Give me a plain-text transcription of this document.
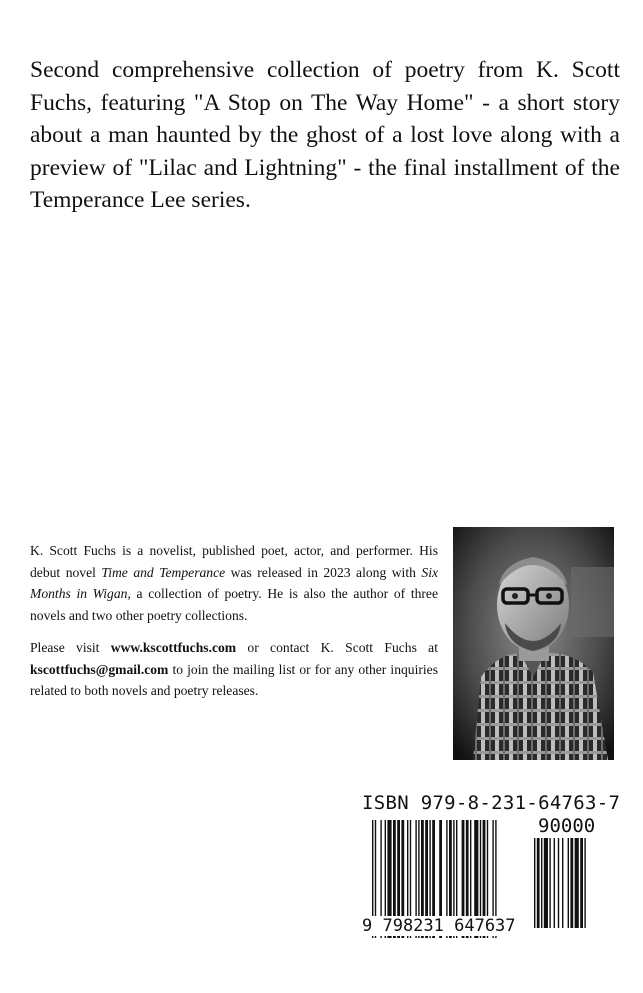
Second comprehensive collection of poetry from K. Scott Fuchs, featuring "A Stop on The Way Home" - a short story about a man haunted by the ghost of a lost love along with a preview of "Lilac and Lightning" - the final installment of the Temperance Lee series.

K. Scott Fuchs is a novelist, published poet, actor, and performer. His debut novel Time and Temperance was released in 2023 along with Six Months in Wigan, a collection of poetry. He is also the author of three novels and two other poetry collections.

Please visit www.kscottfuchs.com or contact K. Scott Fuchs at kscottfuchs@gmail.com to join the mailing list or for any other inquiries related to both novels and poetry releases.

ISBN 979-8-231-64763-7
90000
9 798231 647637
